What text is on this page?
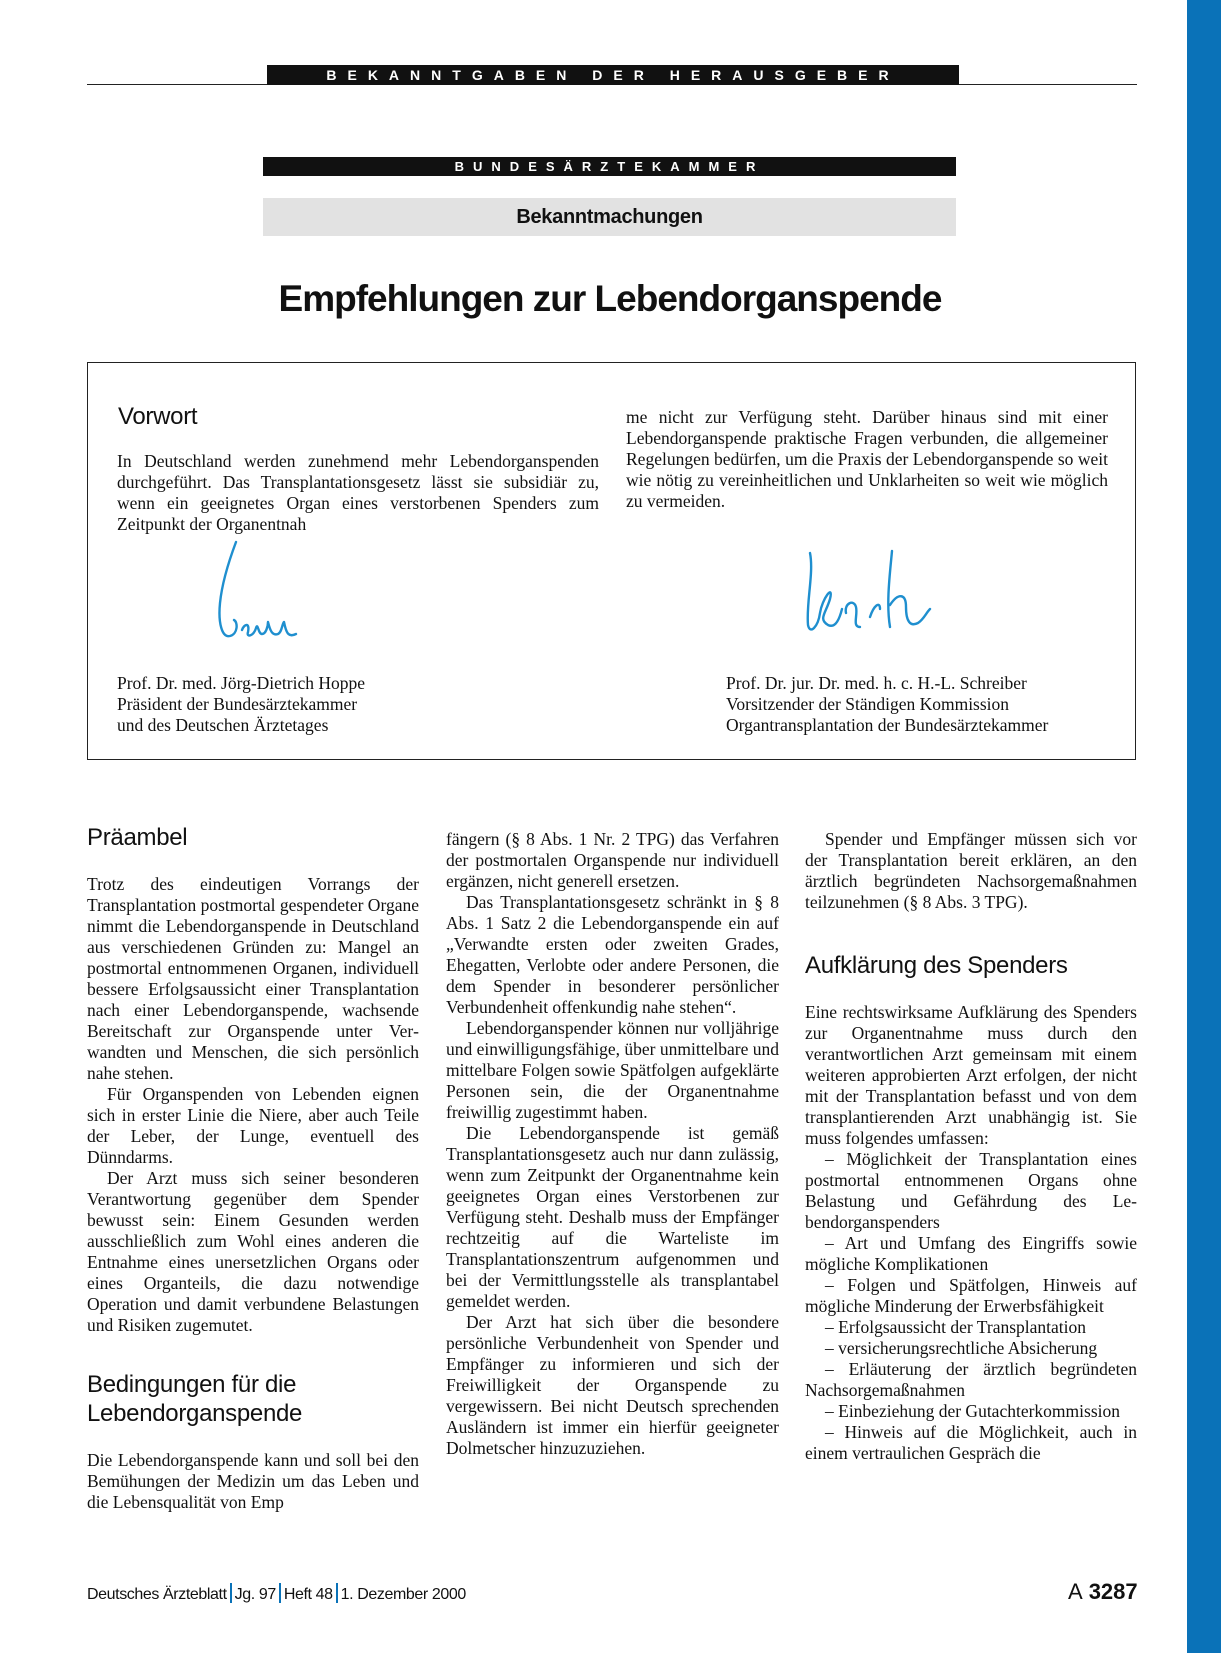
BEKANNTGABEN DER HERAUSGEBER
BUNDESÄRZTEKAMMER
Bekanntmachungen
Empfehlungen zur Lebendorganspende
Vorwort
In Deutschland werden zunehmend mehr Lebendorganspenden durchgeführt. Das Transplantationsgesetz lässt sie subsidiär zu, wenn ein geeignetes Organ eines verstorbenen Spenders zum Zeitpunkt der Organentnah
me nicht zur Verfügung steht. Darüber hinaus sind mit einer Lebendorganspende praktische Fragen verbunden, die allgemeiner Regelungen bedürfen, um die Praxis der Lebendorganspende so weit wie nötig zu vereinheitlichen und Unklarheiten so weit wie möglich zu vermeiden.
Prof. Dr. med. Jörg-Dietrich Hoppe
Präsident der Bundesärztekammer
und des Deutschen Ärztetages
Prof. Dr. jur. Dr. med. h. c. H.-L. Schreiber
Vorsitzender der Ständigen Kommission
Organtransplantation der Bundesärztekammer
Präambel

Trotz des eindeutigen Vorrangs der Transplantation postmortal gespendeter Organe nimmt die Lebendorganspende in Deutschland aus verschiedenen Gründen zu: Mangel an postmortal entnommenen Organen, individuell bessere Erfolgsaussicht einer Transplantation nach einer Lebendorganspende, wachsende Bereitschaft zur Organspende unter Verwandten und Menschen, die sich persönlich nahe stehen.

Für Organspenden von Lebenden eignen sich in erster Linie die Niere, aber auch Teile der Leber, der Lunge, eventuell des Dünndarms.

Der Arzt muss sich seiner besonderen Verantwortung gegenüber dem Spender bewusst sein: Einem Gesunden werden ausschließlich zum Wohl eines anderen die Entnahme eines unersetzlichen Organs oder eines Organteils, die dazu notwendige Operation und damit verbundene Belastungen und Risiken zugemutet.

Bedingungen für die
Lebendorganspende

Die Lebendorganspende kann und soll bei den Bemühungen der Medizin um das Leben und die Lebensqualität von Emp

fängern (§ 8 Abs. 1 Nr. 2 TPG) das Verfahren der postmortalen Organspende nur individuell ergänzen, nicht generell ersetzen.

Das Transplantationsgesetz schränkt in § 8 Abs. 1 Satz 2 die Lebendorganspende ein auf „Verwandte ersten oder zweiten Grades, Ehegatten, Verlobte oder andere Personen, die dem Spender in besonderer persönlicher Verbundenheit offenkundig nahe stehen“.

Lebendorganspender können nur volljährige und einwilligungsfähige, über unmittelbare und mittelbare Folgen sowie Spätfolgen aufgeklärte Personen sein, die der Organentnahme freiwillig zugestimmt haben.

Die Lebendorganspende ist gemäß Transplantationsgesetz auch nur dann zulässig, wenn zum Zeitpunkt der Organentnahme kein geeignetes Organ eines Verstorbenen zur Verfügung steht. Deshalb muss der Empfänger rechtzeitig auf die Warteliste im Transplantationszentrum aufgenommen und bei der Vermittlungsstelle als transplantabel gemeldet werden.

Der Arzt hat sich über die besondere persönliche Verbundenheit von Spender und Empfänger zu informieren und sich der Freiwilligkeit der Organspende zu vergewissern. Bei nicht Deutsch sprechenden Ausländern ist immer ein hierfür geeigneter Dolmetscher hinzuzuziehen.

Spender und Empfänger müssen sich vor der Transplantation bereit erklären, an den ärztlich begründeten Nachsorgemaßnahmen teilzunehmen (§ 8 Abs. 3 TPG).

Aufklärung des Spenders

Eine rechtswirksame Aufklärung des Spenders zur Organentnahme muss durch den verantwortlichen Arzt gemeinsam mit einem weiteren approbierten Arzt erfolgen, der nicht mit der Transplantation befasst und von dem transplantierenden Arzt unabhängig ist. Sie muss folgendes umfassen:

– Möglichkeit der Transplantation eines postmortal entnommenen Organs ohne Belastung und Gefährdung des Lebendorganspenders

– Art und Umfang des Eingriffs sowie mögliche Komplikationen

– Folgen und Spätfolgen, Hinweis auf mögliche Minderung der Erwerbsfähigkeit

– Erfolgsaussicht der Transplantation

– versicherungsrechtliche Absicherung

– Erläuterung der ärztlich begründeten Nachsorgemaßnahmen

– Einbeziehung der Gutachterkommission

– Hinweis auf die Möglichkeit, auch in einem vertraulichen Gespräch die

Deutsches Ärzteblatt Jg. 97 Heft 48 1. Dezember 2000	A 3287
